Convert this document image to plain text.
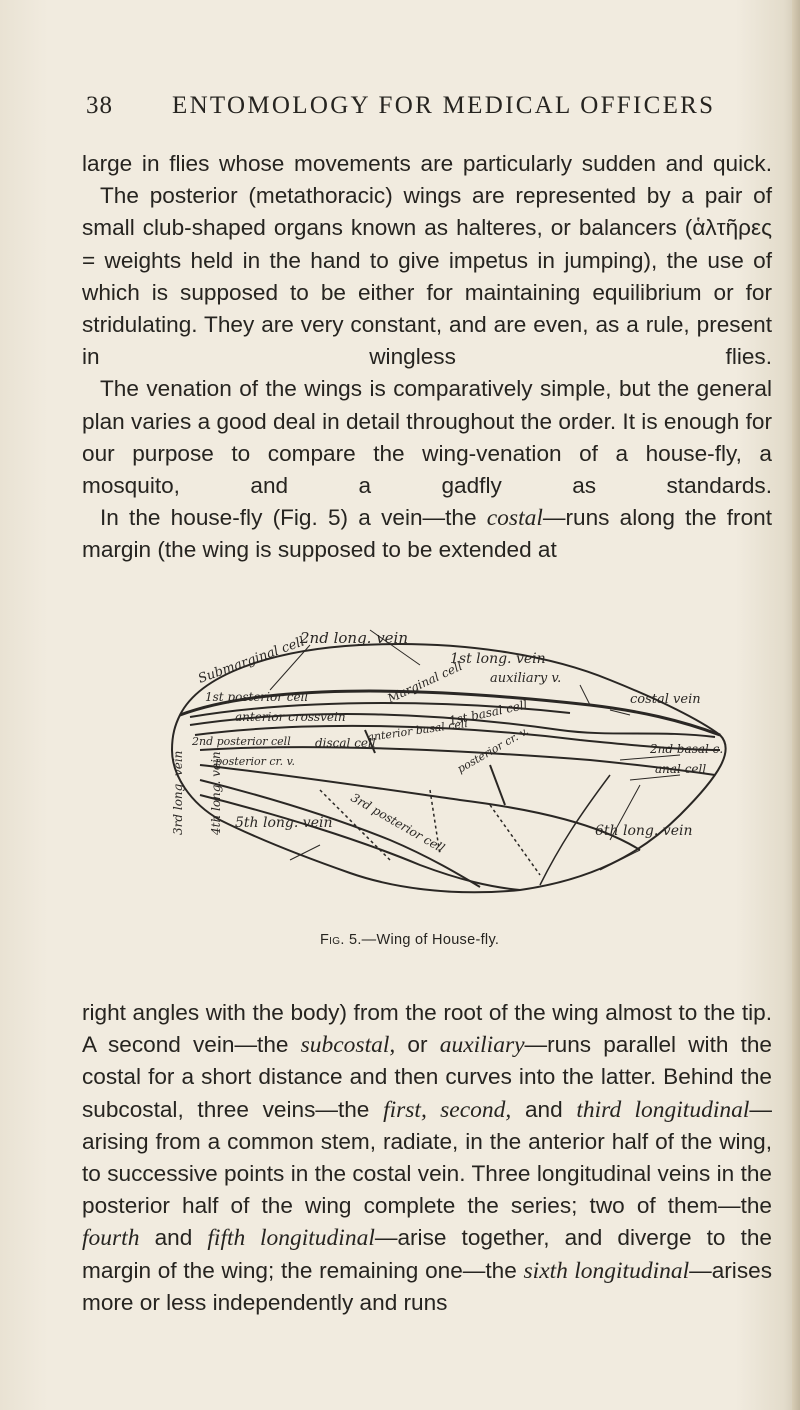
38 ENTOMOLOGY FOR MEDICAL OFFICERS

large in flies whose movements are particularly sudden and quick.

The posterior (metathoracic) wings are represented by a pair of small club-shaped organs known as halteres, or balancers (ἁλτῆρες = weights held in the hand to give impetus in jumping), the use of which is supposed to be either for maintaining equilibrium or for stridulating. They are very constant, and are even, as a rule, present in wingless flies.

The venation of the wings is comparatively simple, but the general plan varies a good deal in detail throughout the order. It is enough for our purpose to compare the wing-venation of a house-fly, a mosquito, and a gadfly as standards.

In the house-fly (Fig. 5) a vein—the costal—runs along the front margin (the wing is supposed to be extended at

2nd long. vein
1st long. vein
Submarginal cell	Marginal cell auxiliary v.
costal vein
1st posterior cell
anterior crossvein	1st basal cell
2nd posterior cell discal cell
anterior basal cell
2nd basal c.
anal cell
posterior cr. v.	posterior cr. v.
3rd posterior cell
5th long. vein	6th long. vein
3rd long. vein 4th long. vein
Fig. 5.—Wing of House-fly.

right angles with the body) from the root of the wing almost to the tip. A second vein—the subcostal, or auxiliary—runs parallel with the costal for a short distance and then curves into the latter. Behind the subcostal, three veins—the first, second, and third longitudinal—arising from a common stem, radiate, in the anterior half of the wing, to successive points in the costal vein. Three longitudinal veins in the posterior half of the wing complete the series; two of them—the fourth and fifth longitudinal—arise together, and diverge to the margin of the wing; the remaining one—the sixth longitudinal—arises more or less independently and runs
